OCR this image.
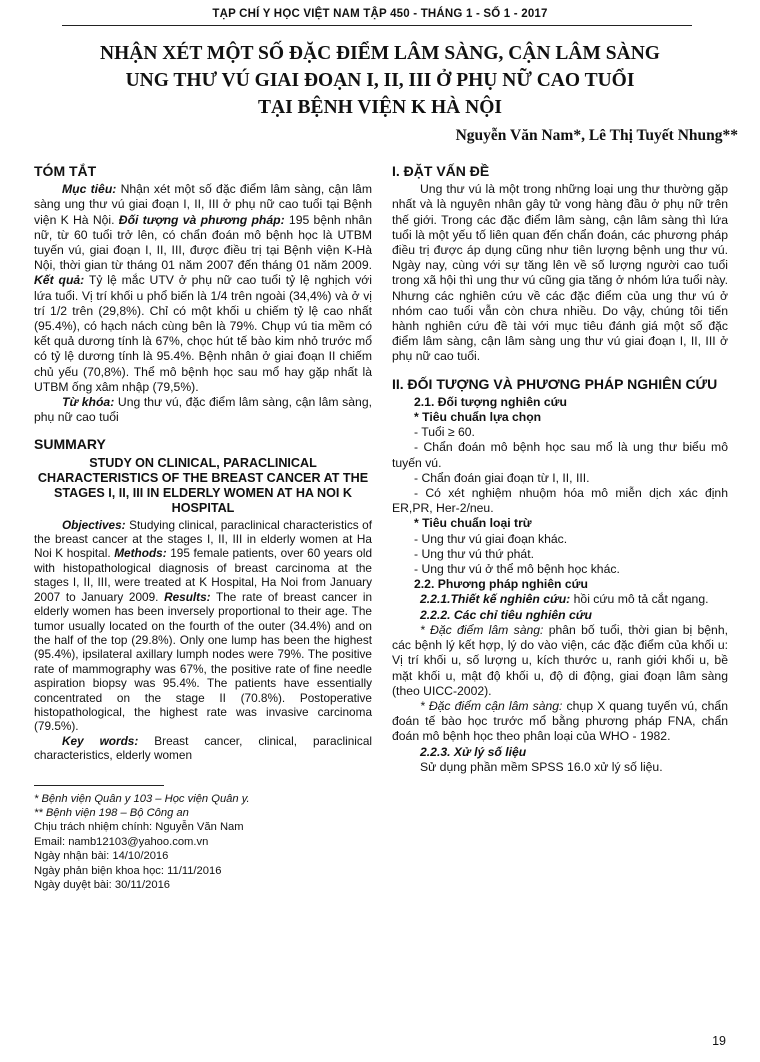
TẠP CHÍ Y HỌC VIỆT NAM TẬP 450 - THÁNG 1 - SỐ 1 - 2017
NHẬN XÉT MỘT SỐ ĐẶC ĐIỂM LÂM SÀNG, CẬN LÂM SÀNG
UNG THƯ VÚ GIAI ĐOẠN I, II, III Ở PHỤ NỮ CAO TUỔI
TẠI BỆNH VIỆN K HÀ NỘI
Nguyễn Văn Nam*, Lê Thị Tuyết Nhung**
TÓM TẮT

Mục tiêu: Nhận xét một số đặc điểm lâm sàng, cận lâm sàng ung thư vú giai đoạn I, II, III ở phụ nữ cao tuổi tại Bệnh viện K Hà Nội. Đối tượng và phương pháp: 195 bệnh nhân nữ, từ 60 tuổi trở lên, có chẩn đoán mô bệnh học là UTBM tuyến vú, giai đoạn I, II, III, được điều trị tại Bệnh viện K-Hà Nội, thời gian từ tháng 01 năm 2007 đến tháng 01 năm 2009. Kết quả: Tỷ lệ mắc UTV ở phụ nữ cao tuổi tỷ lệ nghịch với lứa tuổi. Vị trí khối u phổ biến là 1/4 trên ngoài (34,4%) và ở vị trí 1/2 trên (29,8%). Chỉ có một khối u chiếm tỷ lệ cao nhất (95.4%), có hạch nách cùng bên là 79%. Chụp vú tia mềm có kết quả dương tính là 67%, chọc hút tế bào kim nhỏ trước mổ có tỷ lệ dương tính là 95.4%. Bệnh nhân ở giai đoạn II chiếm chủ yếu (70,8%). Thể mô bệnh học sau mổ hay gặp nhất là UTBM ống xâm nhập (79,5%).

Từ khóa: Ung thư vú, đặc điểm lâm sàng, cận lâm sàng, phụ nữ cao tuổi

SUMMARY
STUDY ON CLINICAL, PARACLINICAL CHARACTERISTICS OF THE BREAST CANCER AT THE STAGES I, II, III IN ELDERLY WOMEN AT HA NOI K HOSPITAL

Objectives: Studying clinical, paraclinical characteristics of the breast cancer at the stages I, II, III in elderly women at Ha Noi K hospital. Methods: 195 female patients, over 60 years old with histopathological diagnosis of breast carcinoma at the stages I, II, III, were treated at K Hospital, Ha Noi from January 2007 to January 2009. Results: The rate of breast cancer in elderly women has been inversely proportional to their age. The tumor usually located on the fourth of the outer (34.4%) and on the half of the top (29.8%). Only one lump has been the highest (95.4%), ipsilateral axillary lumph nodes were 79%. The positive rate of mammography was 67%, the positive rate of fine needle aspiration biopsy was 95.4%. The patients have essentially concentrated on the stage II (70.8%). Postoperative histopathological, the highest rate was invasive carcinoma (79.5%).

Key words: Breast cancer, clinical, paraclinical characteristics, elderly women

* Bệnh viện Quân y 103 – Học viện Quân y.
** Bệnh viện 198 – Bộ Công an
Chịu trách nhiệm chính: Nguyễn Văn Nam
Email: namb12103@yahoo.com.vn
Ngày nhận bài: 14/10/2016
Ngày phản biện khoa học: 11/11/2016
Ngày duyệt bài: 30/11/2016
I. ĐẶT VẤN ĐỀ

Ung thư vú là một trong những loại ung thư thường gặp nhất và là nguyên nhân gây tử vong hàng đầu ở phụ nữ trên thế giới. Trong các đặc điểm lâm sàng, cận lâm sàng thì lứa tuổi là một yếu tố liên quan đến chẩn đoán, các phương pháp điều trị được áp dụng cũng như tiên lượng bệnh ung thư vú. Ngày nay, cùng với sự tăng lên về số lượng người cao tuổi trong xã hội thì ung thư vú cũng gia tăng ở nhóm lứa tuổi này. Nhưng các nghiên cứu về các đặc điểm của ung thư vú ở nhóm cao tuổi vẫn còn chưa nhiều. Do vậy, chúng tôi tiến hành nghiên cứu đề tài với mục tiêu đánh giá một số đặc điểm lâm sàng, cận lâm sàng ung thư vú giai đoạn I, II, III ở phụ nữ cao tuổi.

II. ĐỐI TƯỢNG VÀ PHƯƠNG PHÁP NGHIÊN CỨU
2.1. Đối tượng nghiên cứu
* Tiêu chuẩn lựa chọn

- Tuổi ≥ 60.

- Chẩn đoán mô bệnh học sau mổ là ung thư biểu mô tuyến vú.

- Chẩn đoán giai đoạn từ I, II, III.

- Có xét nghiệm nhuộm hóa mô miễn dịch xác định ER,PR, Her-2/neu.

* Tiêu chuẩn loại trừ

- Ung thư vú giai đoạn khác.

- Ung thư vú thứ phát.

- Ung thư vú ở thể mô bệnh học khác.

2.2. Phương pháp nghiên cứu

2.2.1.Thiết kế nghiên cứu: hồi cứu mô tả cắt ngang.

2.2.2. Các chỉ tiêu nghiên cứu

* Đặc điểm lâm sàng: phân bố tuổi, thời gian bị bệnh, các bệnh lý kết hợp, lý do vào viện, các đặc điểm của khối u: Vị trí khối u, số lượng u, kích thước u, ranh giới khối u, bề mặt khối u, mật độ khối u, độ di động, giai đoạn lâm sàng (theo UICC-2002).

* Đặc điểm cận lâm sàng: chụp X quang tuyến vú, chẩn đoán tế bào học trước mổ bằng phương pháp FNA, chẩn đoán mô bệnh học theo phân loại của WHO - 1982.

2.2.3. Xử lý số liệu

Sử dụng phần mềm SPSS 16.0 xử lý số liệu.

19
